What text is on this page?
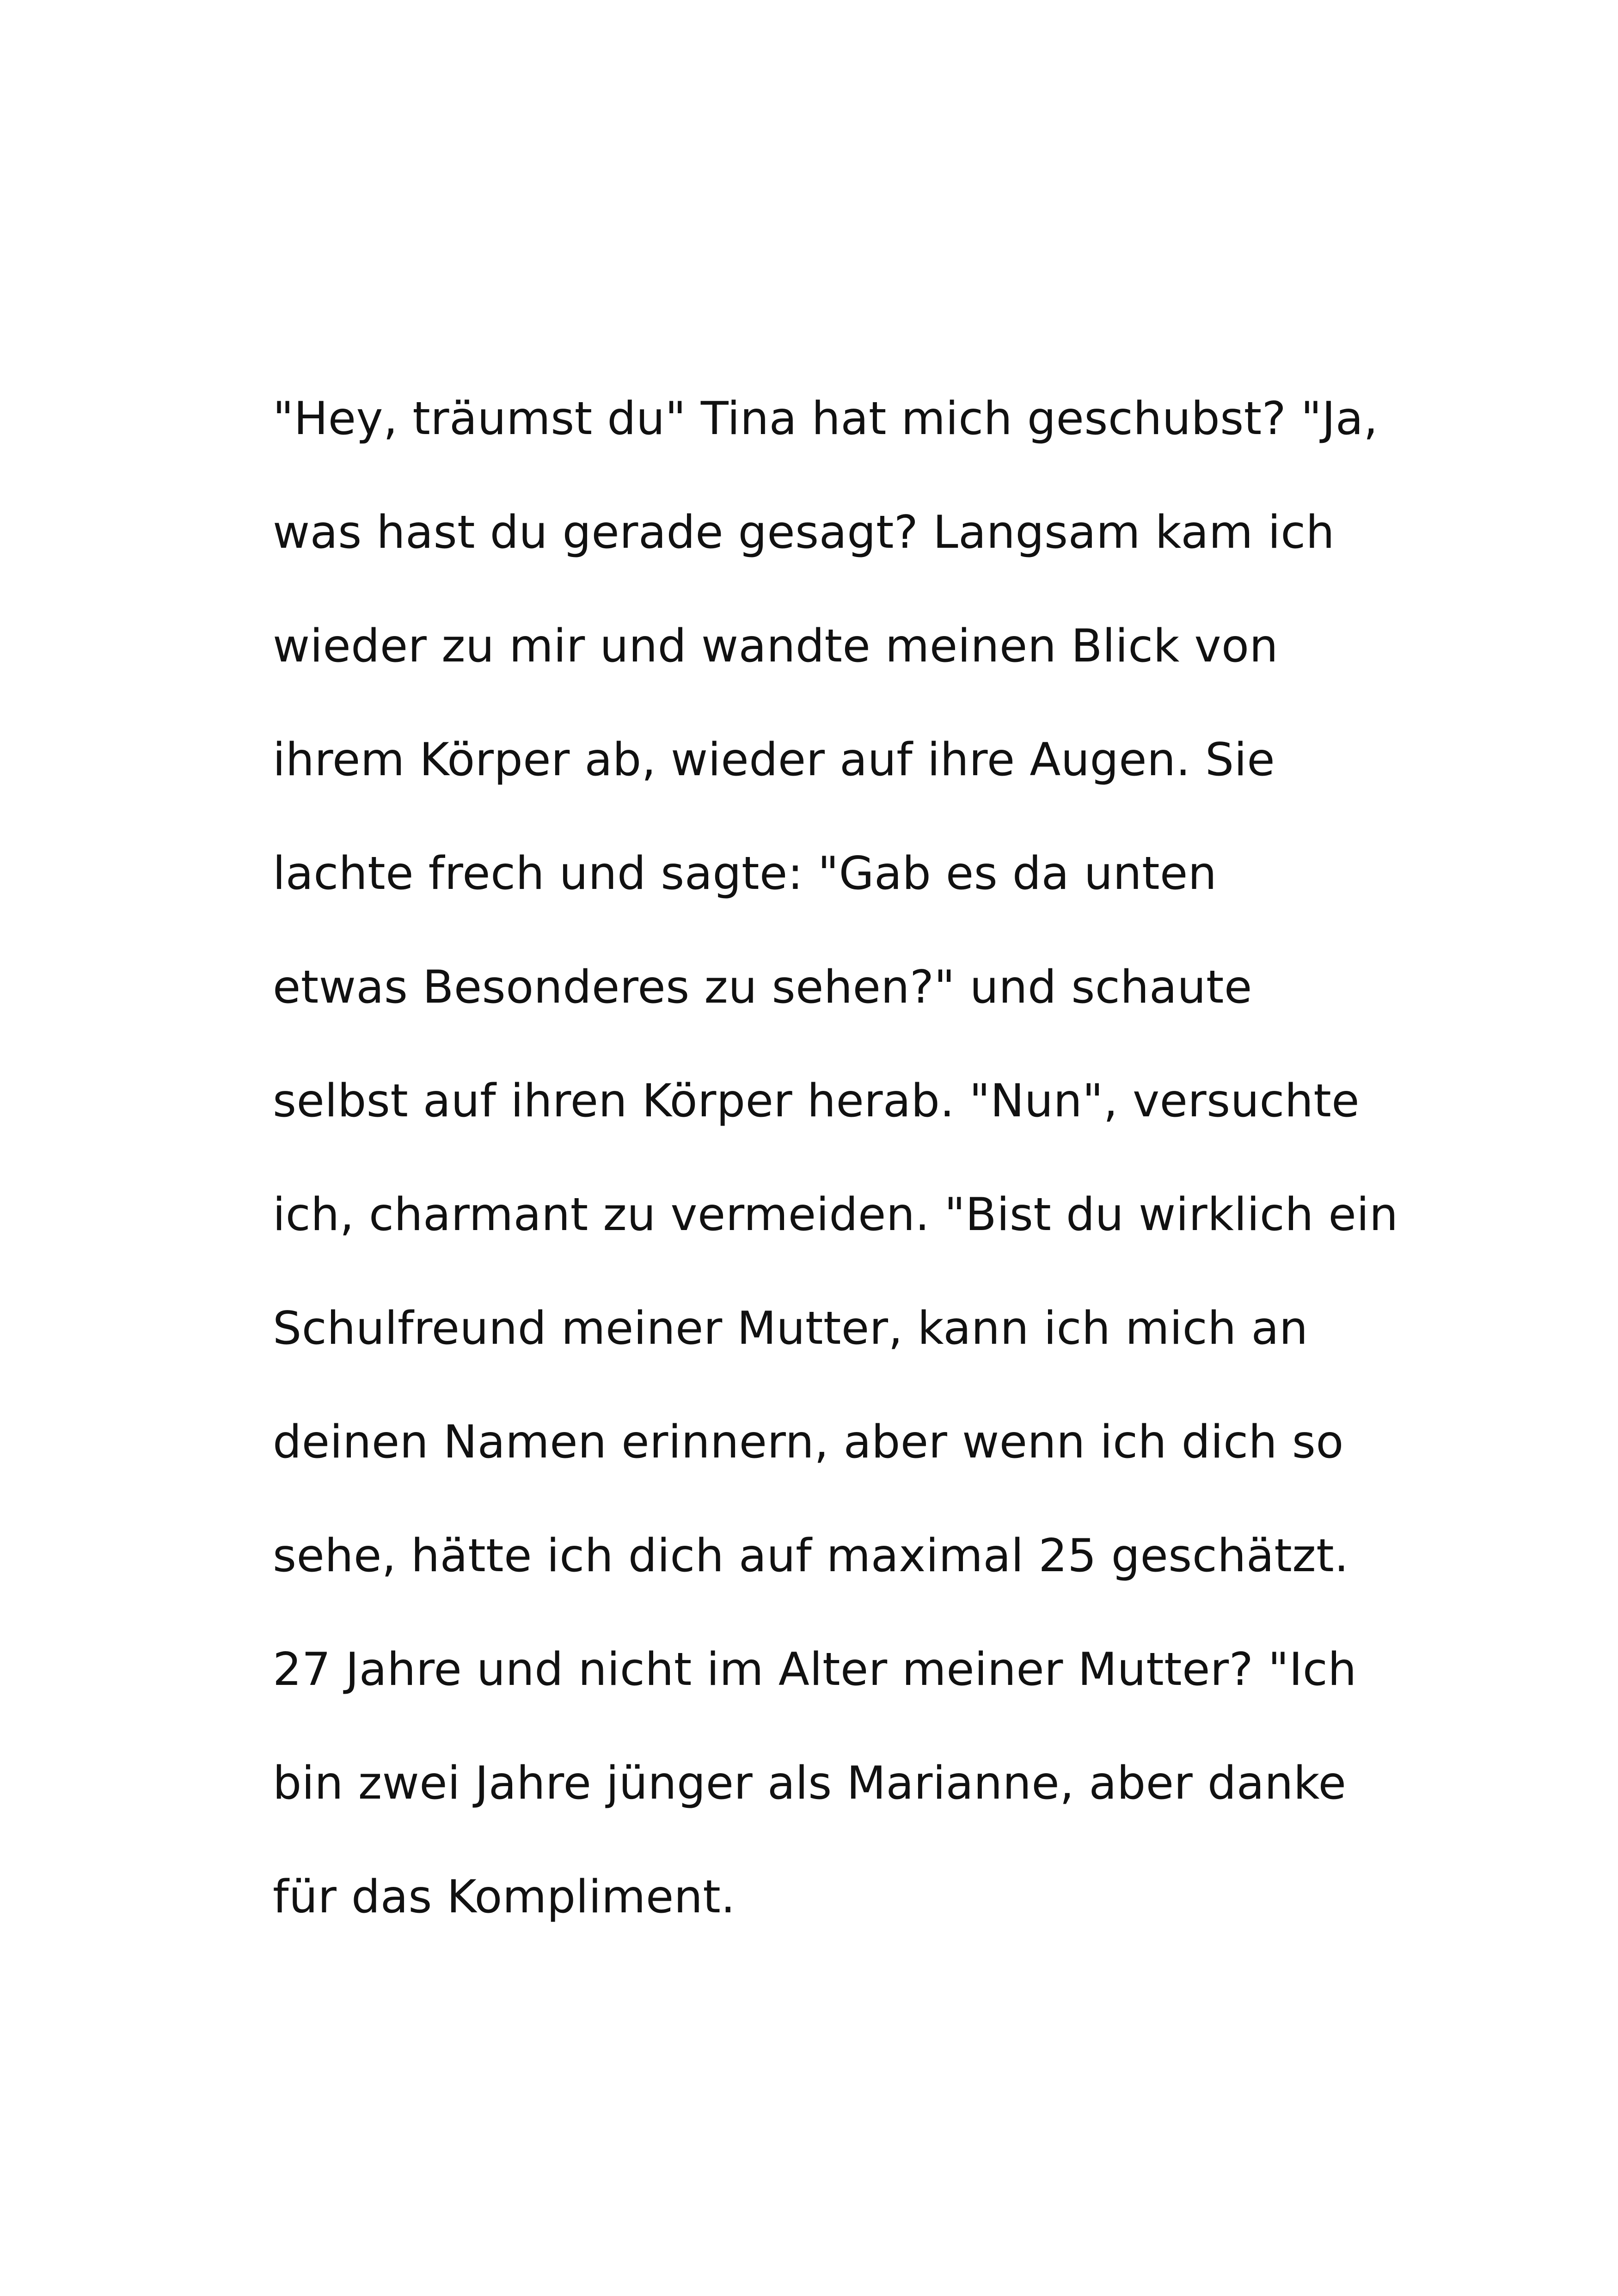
"Hey, träumst du" Tina hat mich geschubst? "Ja,
was hast du gerade gesagt? Langsam kam ich
wieder zu mir und wandte meinen Blick von
ihrem Körper ab, wieder auf ihre Augen. Sie
lachte frech und sagte: "Gab es da unten
etwas Besonderes zu sehen?" und schaute
selbst auf ihren Körper herab. "Nun", versuchte
ich, charmant zu vermeiden. "Bist du wirklich ein
Schulfreund meiner Mutter, kann ich mich an
deinen Namen erinnern, aber wenn ich dich so
sehe, hätte ich dich auf maximal 25 geschätzt.
27 Jahre und nicht im Alter meiner Mutter? "Ich
bin zwei Jahre jünger als Marianne, aber danke
für das Kompliment.
